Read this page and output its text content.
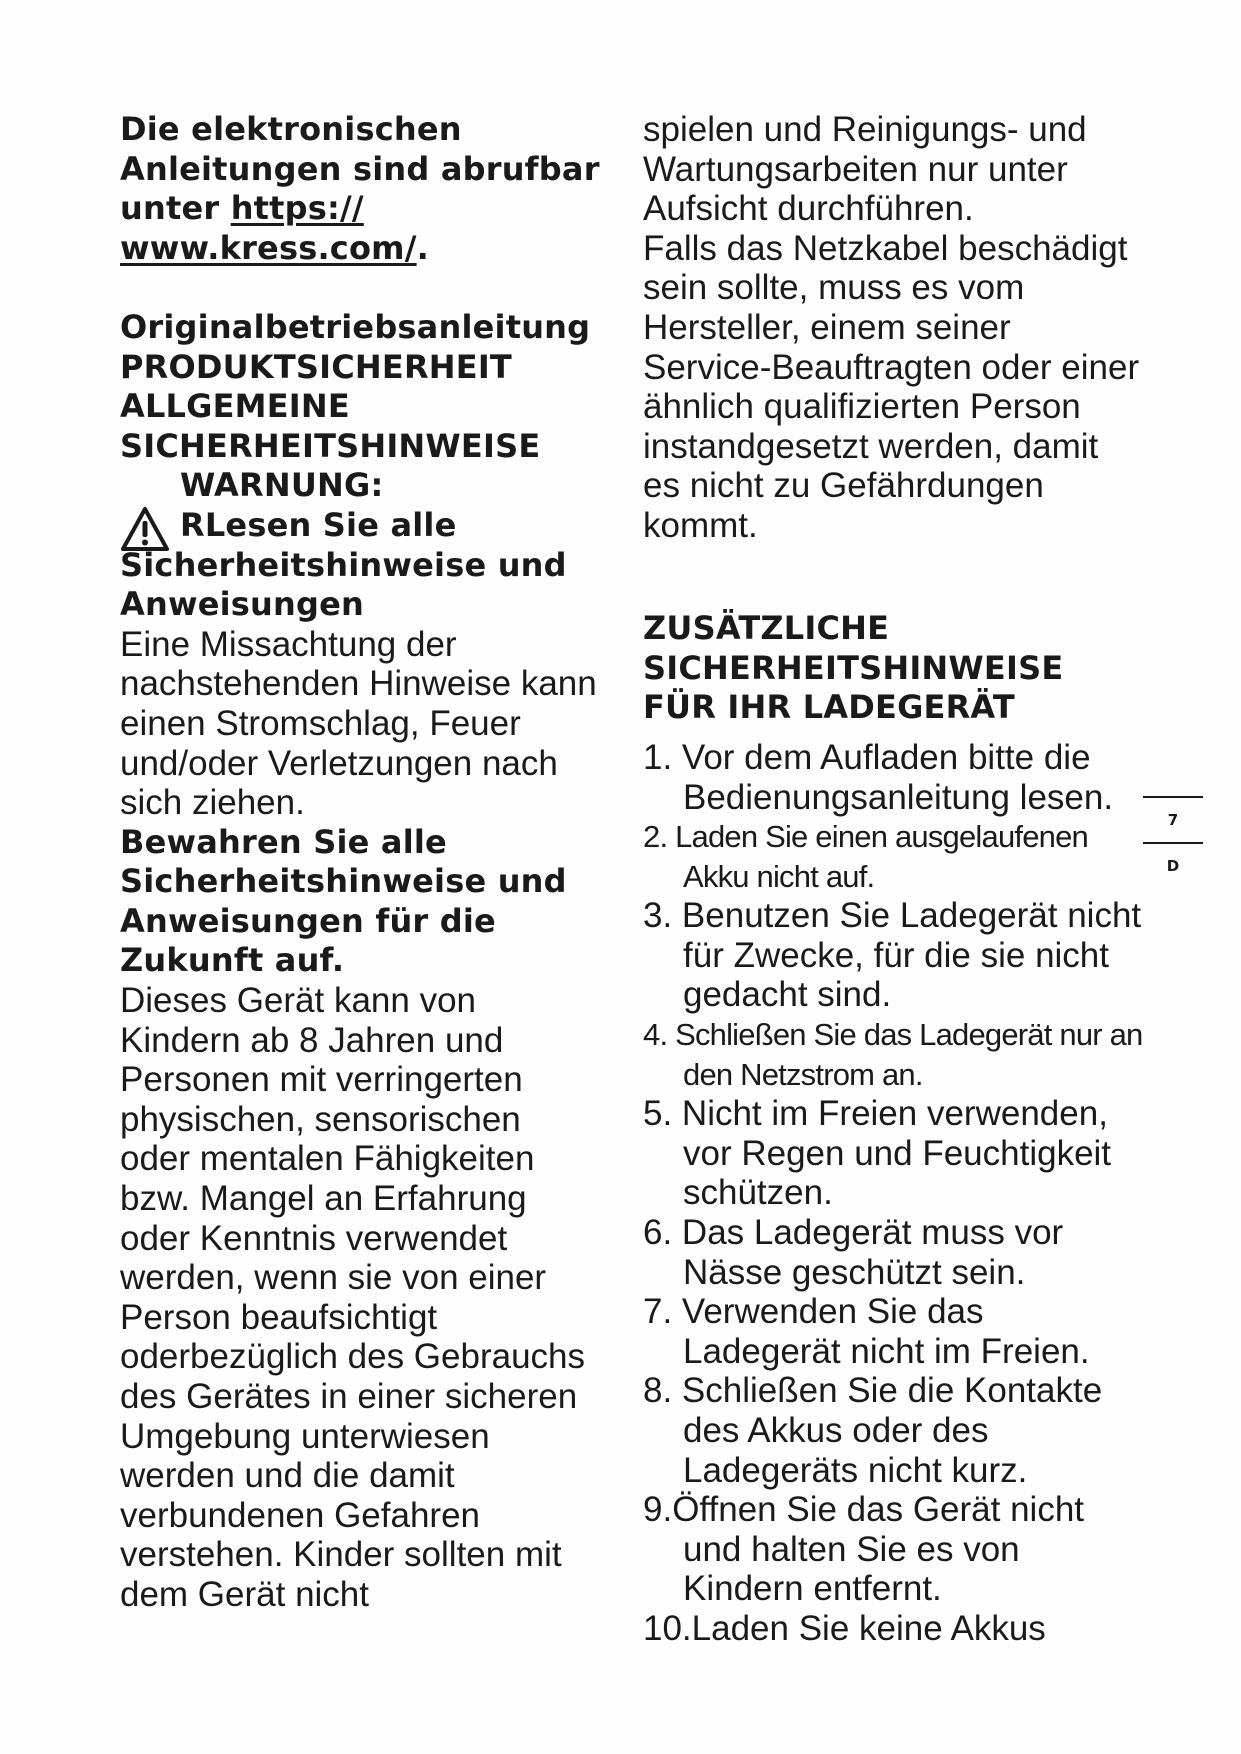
Die elektronischen Anleitungen sind abrufbar unter https://​www.kress.com/.
Originalbetriebsanleitung
PRODUKTSICHERHEIT
ALLGEMEINE SICHERHEITSHINWEISE
WARNUNG:
RLesen Sie alle Sicherheitshinweise und Anweisungen
Eine Missachtung der nachstehenden Hinweise kann einen Stromschlag, Feuer und/oder Verletzungen nach sich ziehen.
Bewahren Sie alle Sicherheitshinweise und Anweisungen für die Zukunft auf.
Dieses Gerät kann von Kindern ab 8 Jahren und Personen mit verringerten physischen, sensorischen oder mentalen Fähigkeiten bzw. Mangel an Erfahrung oder Kenntnis verwendet werden, wenn sie von einer Person beaufsichtigt oderbezüglich des Gebrauchs des Gerätes in einer sicheren Umgebung unterwiesen werden und die damit verbundenen Gefahren verstehen. Kinder sollten mit dem Gerät nicht
spielen und Reinigungs- und Wartungsarbeiten nur unter Aufsicht durchführen.
Falls das Netzkabel beschädigt sein sollte, muss es vom Hersteller, einem seiner Service-Beauftragten oder einer ähnlich qualifizierten Person instandgesetzt werden, damit es nicht zu Gefährdungen kommt.
ZUSÄTZLICHE SICHERHEITSHINWEISE FÜR IHR LADEGERÄT
1. Vor dem Aufladen bitte die Bedienungsanleitung lesen.
2. Laden Sie einen ausgelaufenen Akku nicht auf.
3. Benutzen Sie Ladegerät nicht für Zwecke, für die sie nicht gedacht sind.
4. Schließen Sie das Ladegerät nur an den Netzstrom an.
5. Nicht im Freien verwenden, vor Regen und Feuchtigkeit schützen.
6. Das Ladegerät muss vor Nässe geschützt sein.
7. Verwenden Sie das Ladegerät nicht im Freien.
8. Schließen Sie die Kontakte des Akkus oder des Ladegeräts nicht kurz.
9.Öffnen Sie das Gerät nicht und halten Sie es von Kindern entfernt.
10.Laden Sie keine Akkus
7
D
